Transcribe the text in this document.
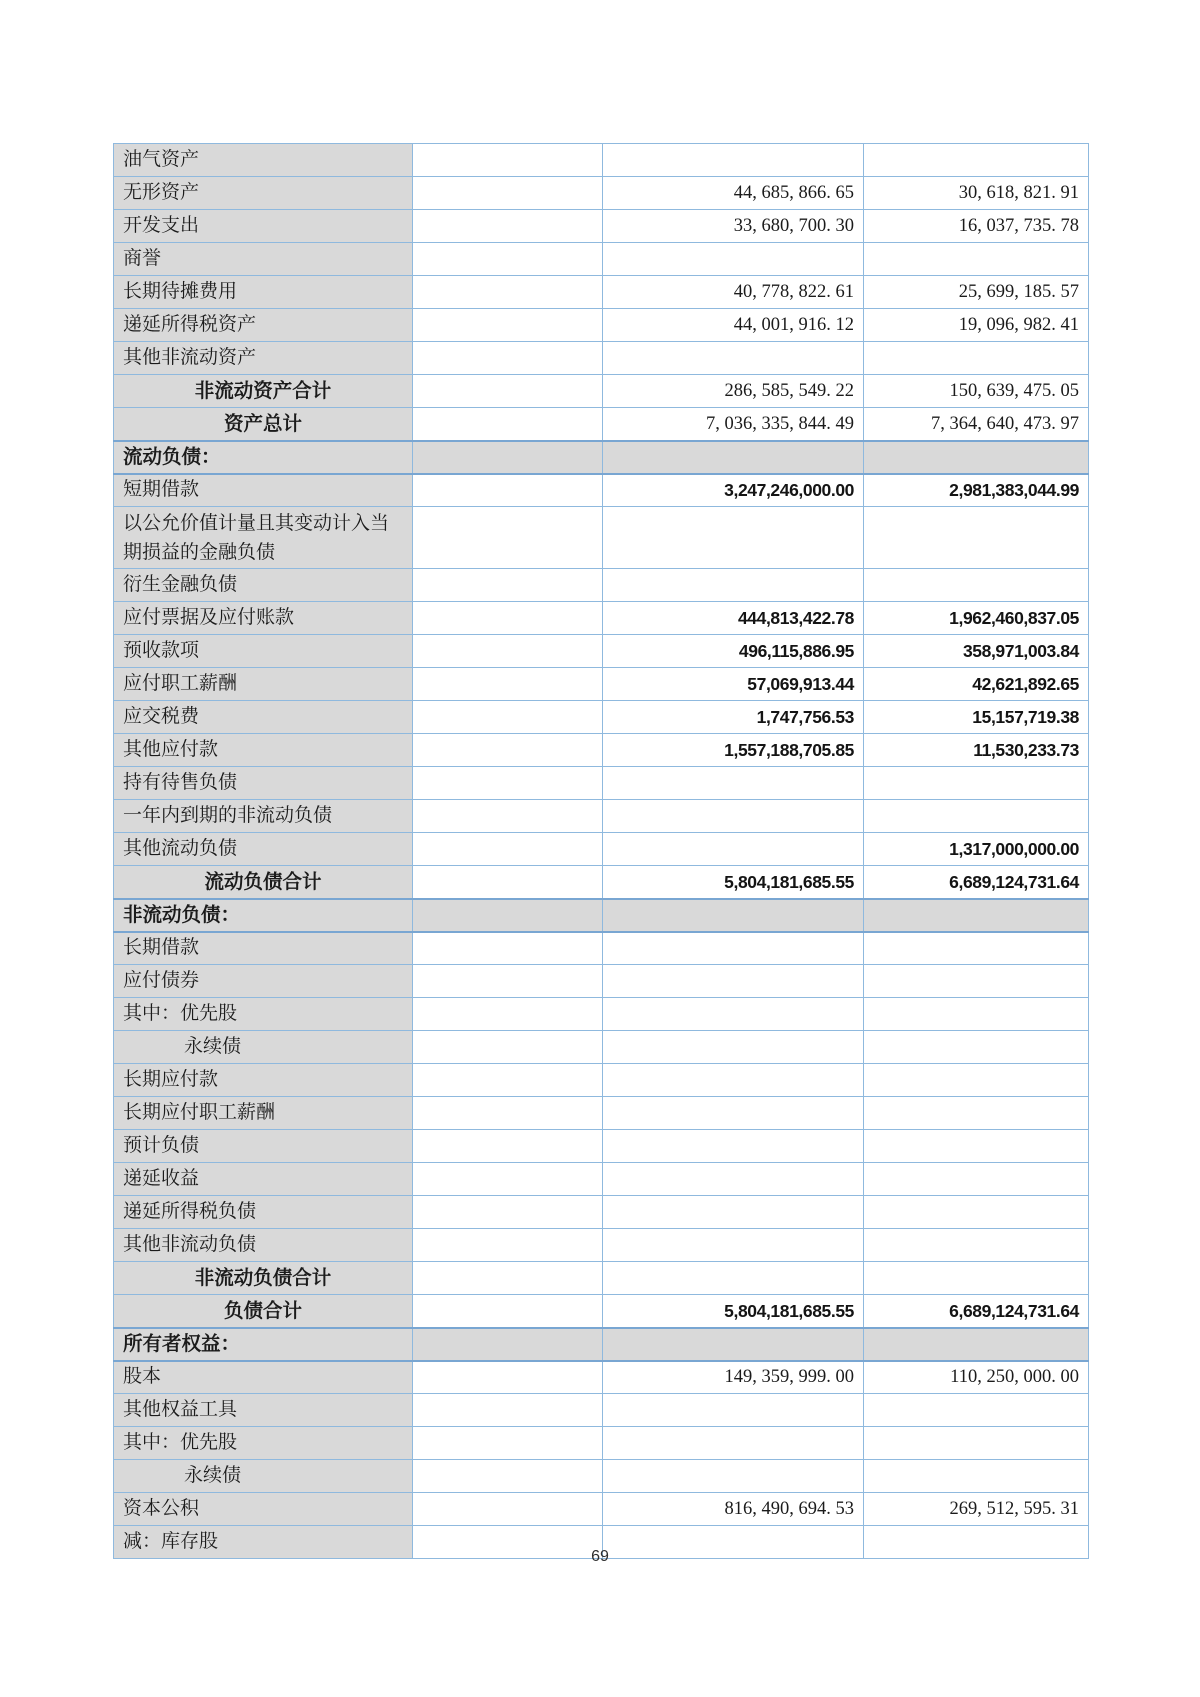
油气资产			
无形资产		44, 685, 866. 65	30, 618, 821. 91
开发支出		33, 680, 700. 30	16, 037, 735. 78
商誉			
长期待摊费用		40, 778, 822. 61	25, 699, 185. 57
递延所得税资产		44, 001, 916. 12	19, 096, 982. 41
其他非流动资产			
非流动资产合计		286, 585, 549. 22	150, 639, 475. 05
资产总计		7, 036, 335, 844. 49	7, 364, 640, 473. 97
流动负债：			
短期借款		3,247,246,000.00	2,981,383,044.99
以公允价值计量且其变动计入当期损益的金融负债			
衍生金融负债			
应付票据及应付账款		444,813,422.78	1,962,460,837.05
预收款项		496,115,886.95	358,971,003.84
应付职工薪酬		57,069,913.44	42,621,892.65
应交税费		1,747,756.53	15,157,719.38
其他应付款		1,557,188,705.85	11,530,233.73
持有待售负债			
一年内到期的非流动负债			
其他流动负债			1,317,000,000.00
流动负债合计		5,804,181,685.55	6,689,124,731.64
非流动负债：			
长期借款			
应付债券			
其中：优先股			
永续债			
长期应付款			
长期应付职工薪酬			
预计负债			
递延收益			
递延所得税负债			
其他非流动负债			
非流动负债合计			
负债合计		5,804,181,685.55	6,689,124,731.64
所有者权益：			
股本		149, 359, 999. 00	110, 250, 000. 00
其他权益工具			
其中：优先股			
永续债			
资本公积		816, 490, 694. 53	269, 512, 595. 31
减：库存股			
69
